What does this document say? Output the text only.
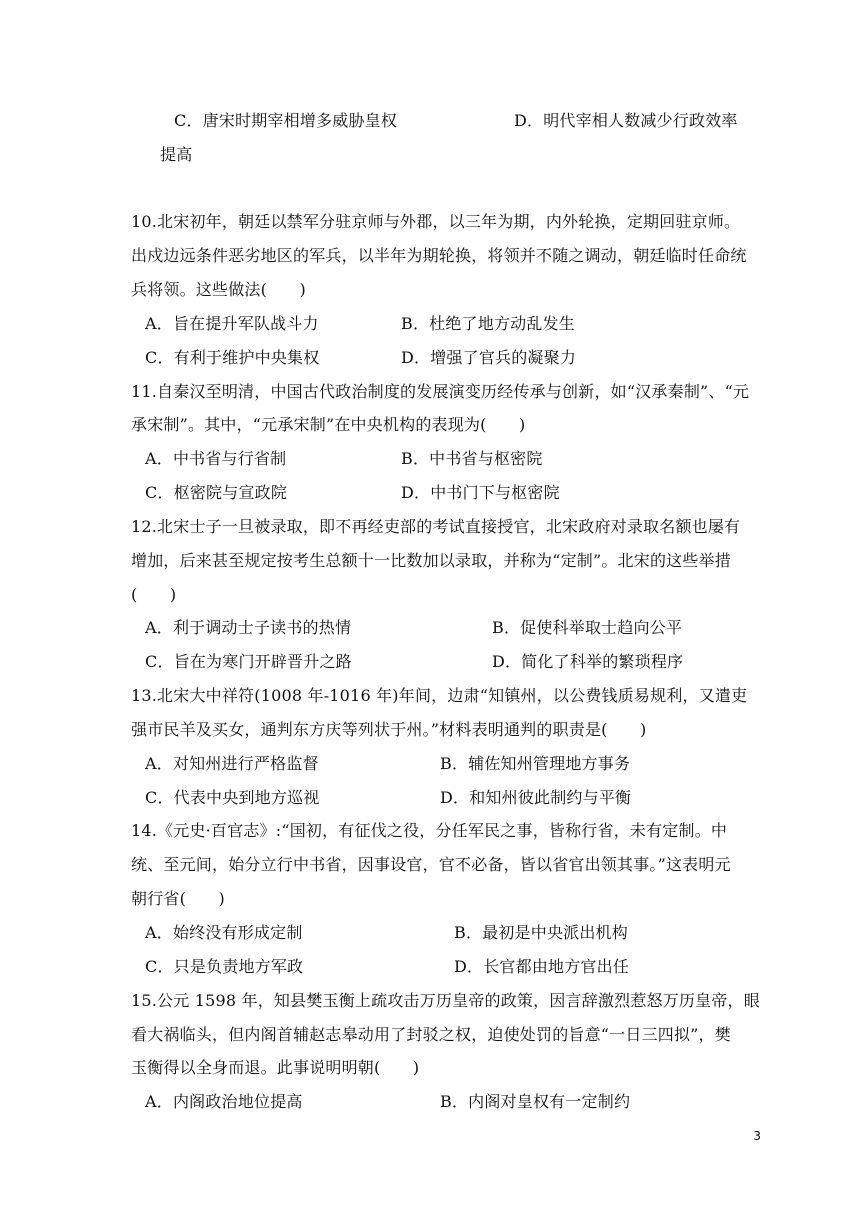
C．唐宋时期宰相增多威胁皇权	D．明代宰相人数减少行政效率
提高
10.北宋初年，朝廷以禁军分驻京师与外郡，以三年为期，内外轮换，定期回驻京师。
出戍边远条件恶劣地区的军兵，以半年为期轮换，将领并不随之调动，朝廷临时任命统
兵将领。这些做法(　　)
A．旨在提升军队战斗力	B．杜绝了地方动乱发生
C．有利于维护中央集权	D．增强了官兵的凝聚力
11.自秦汉至明清，中国古代政治制度的发展演变历经传承与创新，如“汉承秦制”、“元
承宋制”。其中，“元承宋制”在中央机构的表现为(　　)
A．中书省与行省制	B．中书省与枢密院
C．枢密院与宣政院	D．中书门下与枢密院
12.北宋士子一旦被录取，即不再经吏部的考试直接授官，北宋政府对录取名额也屡有
增加，后来甚至规定按考生总额十一比数加以录取，并称为“定制”。北宋的这些举措
(　　)
A．利于调动士子读书的热情	B．促使科举取士趋向公平
C．旨在为寒门开辟晋升之路	D．简化了科举的繁琐程序
13.北宋大中祥符(1008 年-1016 年)年间，边肃“知镇州，以公费钱质易规利，又遣吏
强市民羊及买女，通判东方庆等列状于州。”材料表明通判的职责是(　　)
A．对知州进行严格监督	B．辅佐知州管理地方事务
C．代表中央到地方巡视	D．和知州彼此制约与平衡
14.《元史·百官志》:“国初，有征伐之役，分任军民之事，皆称行省，未有定制。中
统、至元间，始分立行中书省，因事设官，官不必备，皆以省官出领其事。”这表明元
朝行省(　　)
A．始终没有形成定制	B．最初是中央派出机构
C．只是负责地方军政	D．长官都由地方官出任
15.公元 1598 年，知县樊玉衡上疏攻击万历皇帝的政策，因言辞激烈惹怒万历皇帝，眼
看大祸临头，但内阁首辅赵志皋动用了封驳之权，迫使处罚的旨意“一日三四拟”，樊
玉衡得以全身而退。此事说明明朝(　　)
A．内阁政治地位提高	B．内阁对皇权有一定制约
3
